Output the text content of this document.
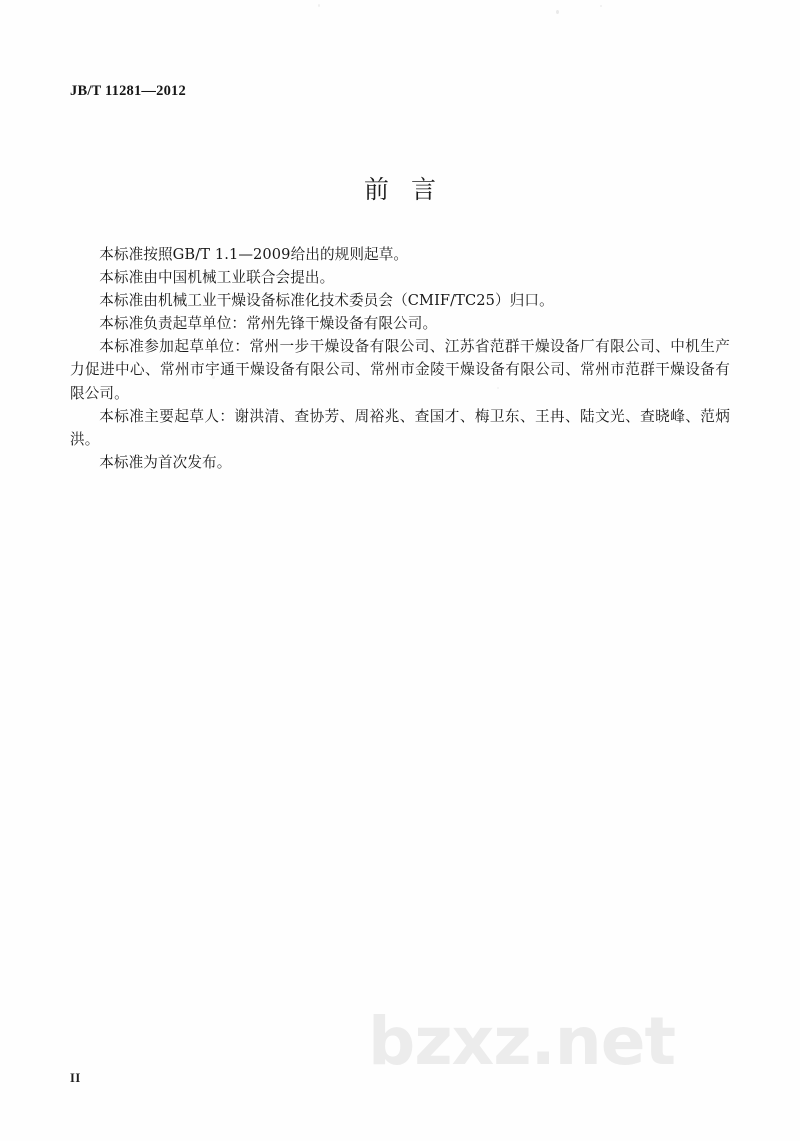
JB/T 11281—2012
前言

本标准按照GB/T 1.1—2009给出的规则起草。

本标准由中国机械工业联合会提出。

本标准由机械工业干燥设备标准化技术委员会（CMIF/TC25）归口。

本标准负责起草单位：常州先锋干燥设备有限公司。

本标准参加起草单位：常州一步干燥设备有限公司、江苏省范群干燥设备厂有限公司、中机生产力促进中心、常州市宇通干燥设备有限公司、常州市金陵干燥设备有限公司、常州市范群干燥设备有限公司。

本标准主要起草人：谢洪清、查协芳、周裕兆、查国才、梅卫东、王冉、陆文光、查晓峰、范炳洪。

本标准为首次发布。

II	bzxz.net
